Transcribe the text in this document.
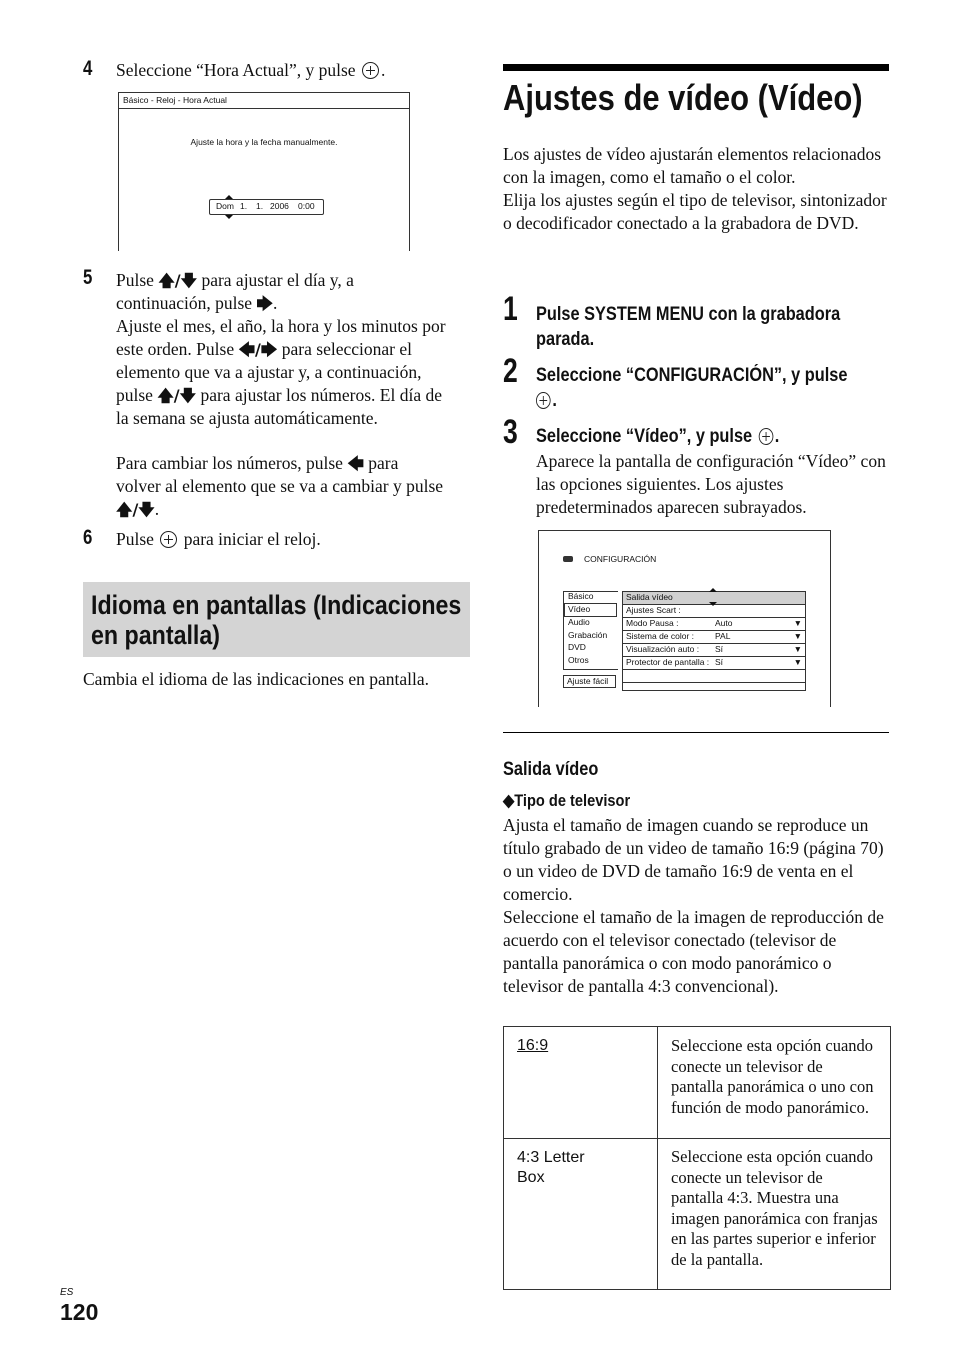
4 Seleccione “Hora Actual”, y pulse .
Básico - Reloj - Hora Actual
Ajuste la hora y la fecha manualmente.
Dom 1. 1. 2006 0:00
5 Pulse 🡅/🡇 para ajustar el día y, a
continuación, pulse 🡆.
Ajuste el mes, el año, la hora y los minutos por
este orden. Pulse 🡄/🡆 para seleccionar el
elemento que va a ajustar y, a continuación,
pulse 🡅/🡇 para ajustar los números. El día de
la semana se ajusta automáticamente.
Para cambiar los números, pulse 🡄 para
volver al elemento que se va a cambiar y pulse
🡅/🡇.
6 Pulse para iniciar el reloj.
Idioma en pantallas (Indicaciones
en pantalla)
Cambia el idioma de las indicaciones en pantalla.
Ajustes de vídeo (Vídeo)
Los ajustes de vídeo ajustarán elementos relacionados con la imagen, como el tamaño o el color.
Elija los ajustes según el tipo de televisor, sintonizador o decodificador conectado a la grabadora de DVD.
1 Pulse SYSTEM MENU con la grabadora parada.
2 Seleccione “CONFIGURACIÓN”, y pulse
.
3 Seleccione “Vídeo”, y pulse .
Aparece la pantalla de configuración “Vídeo” con las opciones siguientes. Los ajustes predeterminados aparecen subrayados.
CONFIGURACIÓN
Básico
Vídeo
Audio
Grabación
DVD
Otros
Ajuste fácil
Salida vídeo
Ajustes Scart :
Modo Pausa :	Auto	▼
Sistema de color : PAL	▼
Visualización auto : Sí	▼
Protector de pantalla : Sí	▼
Salida vídeo
◆Tipo de televisor
Ajusta el tamaño de imagen cuando se reproduce un título grabado de un video de tamaño 16:9 (página 70) o un video de DVD de tamaño 16:9 de venta en el comercio.
Seleccione el tamaño de la imagen de reproducción de acuerdo con el televisor conectado (televisor de pantalla panorámica o con modo panorámico o televisor de pantalla 4:3 convencional).
16:9	Seleccione esta opción cuando conecte un televisor de pantalla panorámica o uno con función de modo panorámico.

4:3 Letter Box	Seleccione esta opción cuando conecte un televisor de pantalla 4:3. Muestra una imagen panorámica con franjas en las partes superior e inferior de la pantalla.
ES
120
